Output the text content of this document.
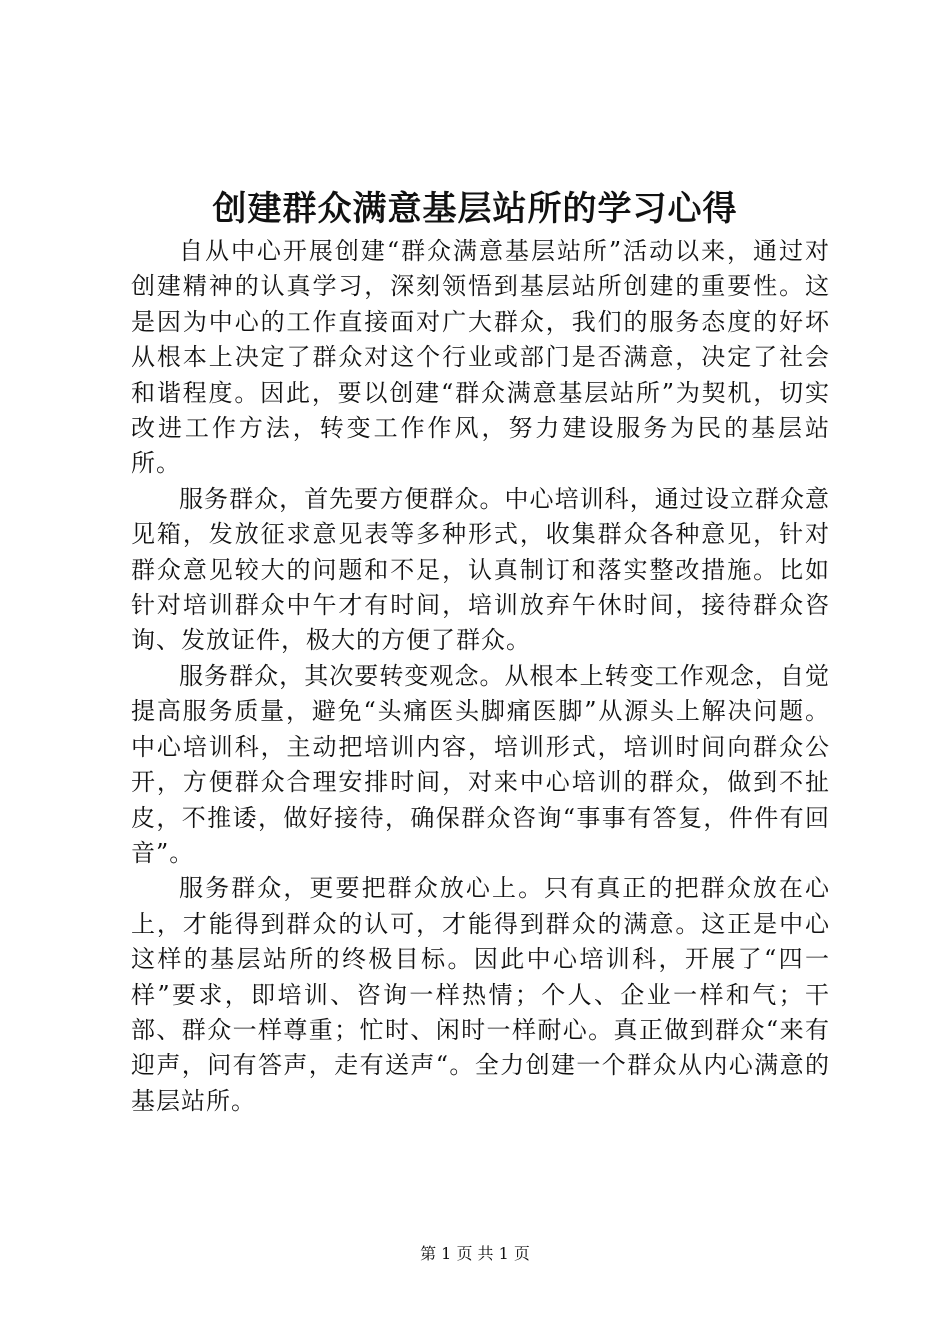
创建群众满意基层站所的学习心得

自从中心开展创建“群众满意基层站所”活动以来，通过对创建精神的认真学习，深刻领悟到基层站所创建的重要性。这是因为中心的工作直接面对广大群众，我们的服务态度的好坏从根本上决定了群众对这个行业或部门是否满意，决定了社会和谐程度。因此，要以创建“群众满意基层站所”为契机，切实改进工作方法，转变工作作风，努力建设服务为民的基层站所。

服务群众，首先要方便群众。中心培训科，通过设立群众意见箱，发放征求意见表等多种形式，收集群众各种意见，针对群众意见较大的问题和不足，认真制订和落实整改措施。比如针对培训群众中午才有时间，培训放弃午休时间，接待群众咨询、发放证件，极大的方便了群众。

服务群众，其次要转变观念。从根本上转变工作观念，自觉提高服务质量，避免“头痛医头脚痛医脚”从源头上解决问题。中心培训科，主动把培训内容，培训形式，培训时间向群众公开，方便群众合理安排时间，对来中心培训的群众，做到不扯皮，不推诿，做好接待，确保群众咨询“事事有答复，件件有回音”。

服务群众，更要把群众放心上。只有真正的把群众放在心上，才能得到群众的认可，才能得到群众的满意。这正是中心这样的基层站所的终极目标。因此中心培训科，开展了“四一样”要求，即培训、咨询一样热情；个人、企业一样和气；干部、群众一样尊重；忙时、闲时一样耐心。真正做到群众“来有迎声，问有答声，走有送声“。全力创建一个群众从内心满意的基层站所。

第 1 页 共 1 页
